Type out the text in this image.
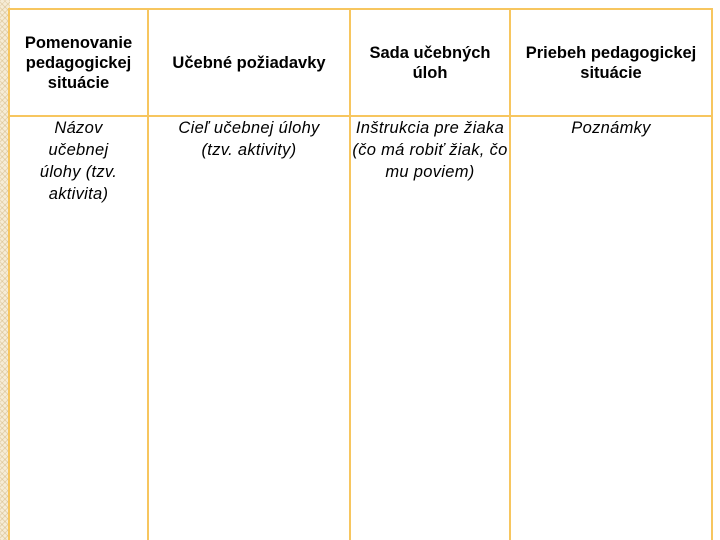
Pomenovanie pedagogickej situácie
Učebné požiadavky
Sada učebných úloh
Priebeh pedagogickej situácie
Názov učebnej úlohy (tzv. aktivita)
Cieľ učebnej úlohy (tzv. aktivity)
Inštrukcia pre žiaka (čo má robiť žiak, čo mu poviem)
Poznámky
